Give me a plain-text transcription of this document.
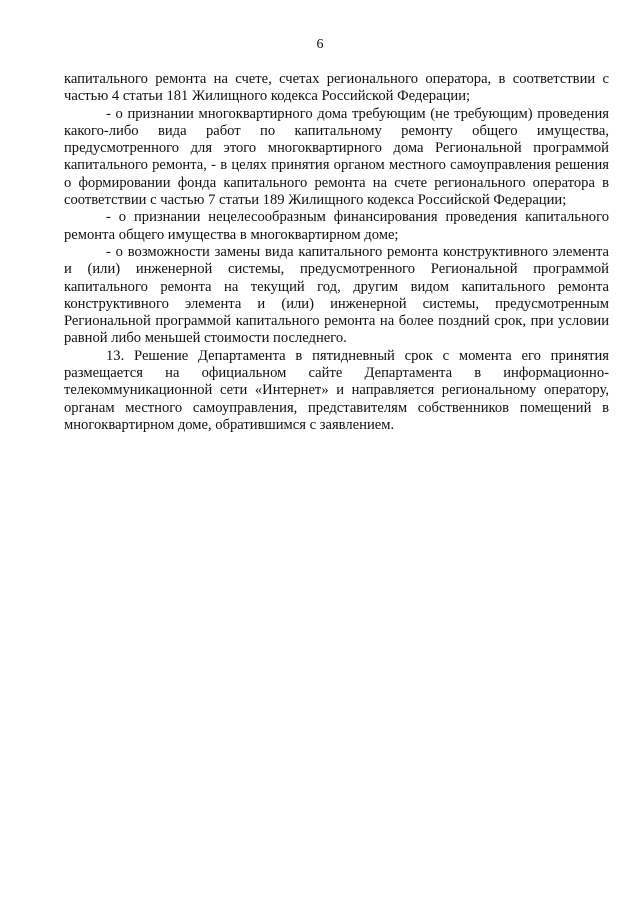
6

капитального ремонта на счете, счетах регионального оператора, в соответствии с частью 4 статьи 181 Жилищного кодекса Российской Федерации;

- о признании многоквартирного дома требующим (не требующим) проведения какого-либо вида работ по капитальному ремонту общего имущества, предусмотренного для этого многоквартирного дома Региональной программой капитального ремонта, - в целях принятия органом местного самоуправления решения о формировании фонда капитального ремонта на счете регионального оператора в соответствии с частью 7 статьи 189 Жилищного кодекса Российской Федерации;

- о признании нецелесообразным финансирования проведения капитального ремонта общего имущества в многоквартирном доме;

- о возможности замены вида капитального ремонта конструктивного элемента и (или) инженерной системы, предусмотренного Региональной программой капитального ремонта на текущий год, другим видом капитального ремонта конструктивного элемента и (или) инженерной системы, предусмотренным Региональной программой капитального ремонта на более поздний срок, при условии равной либо меньшей стоимости последнего.

13. Решение Департамента в пятидневный срок с момента его принятия размещается на официальном сайте Департамента в информационно-телекоммуникационной сети «Интернет» и направляется региональному оператору, органам местного самоуправления, представителям собственников помещений в многоквартирном доме, обратившимся с заявлением.
